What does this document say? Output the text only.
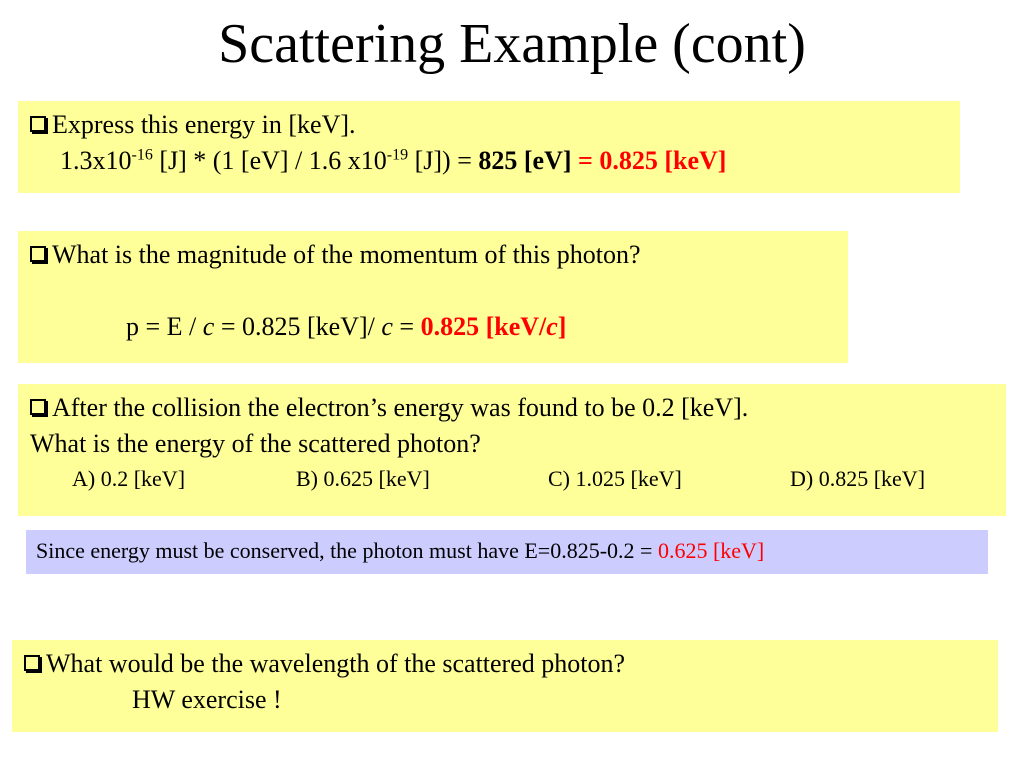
Scattering Example (cont)
Express this energy in [keV].
$1.3x10^{-16}$ [J] * (1 [eV] / 1.6 $x10^{-19}$ [J]) = 825 [eV] = 0.825 [keV]
What is the magnitude of the momentum of this photon?
p = E / c = 0.825 [keV]/ c = 0.825 [keV/c]
After the collision the electron’s energy was found to be 0.2 [keV].
What is the energy of the scattered photon?
A) 0.2 [keV]	B) 0.625 [keV]	C) 1.025 [keV]	D) 0.825 [keV]
Since energy must be conserved, the photon must have E=0.825-0.2 = 0.625 [keV]
What would be the wavelength of the scattered photon?
HW exercise !
